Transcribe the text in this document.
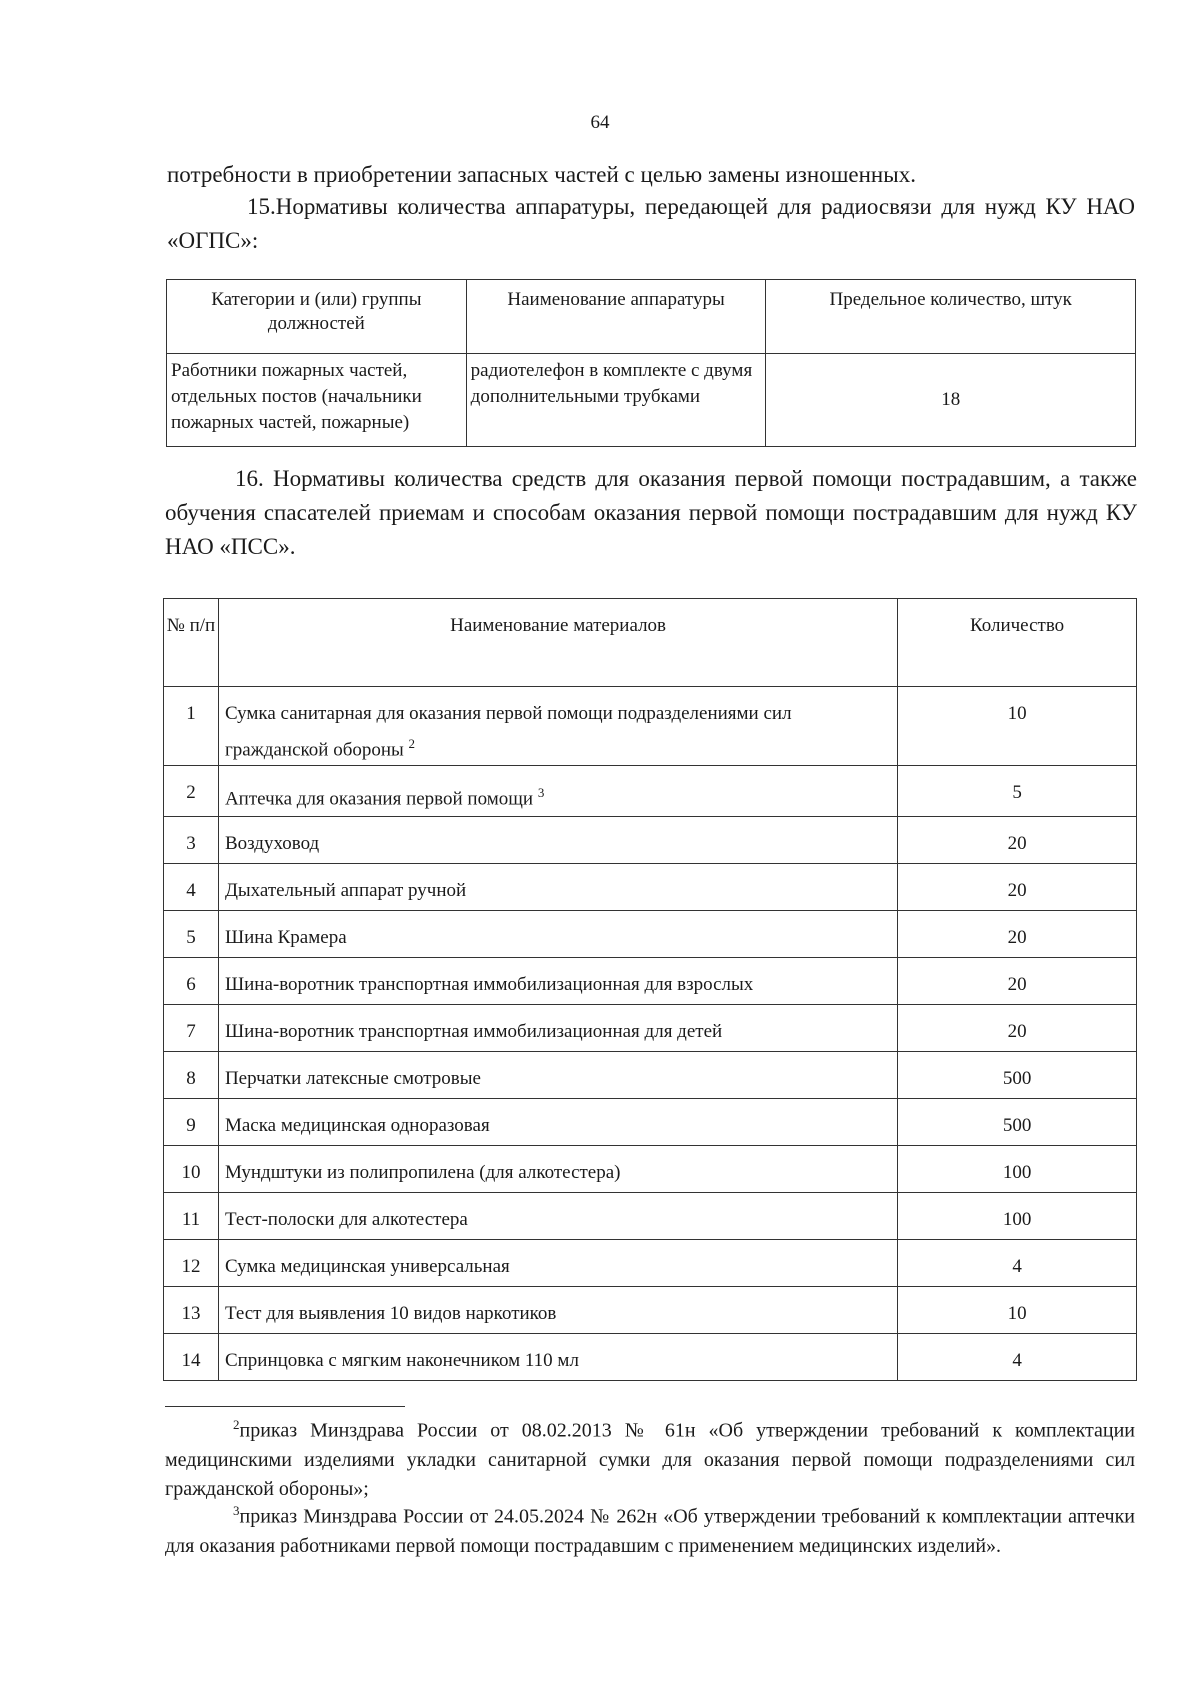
64
потребности в приобретении запасных частей с целью замены изношенных.
15.Нормативы количества аппаратуры, передающей для радиосвязи для нужд КУ НАО «ОГПС»:
Категории и (или) группы должностей	Наименование аппаратуры	Предельное количество, штук
Работники пожарных частей, отдельных постов (начальники пожарных частей, пожарные)	радиотелефон в комплекте с двумя дополнительными трубками	18
16. Нормативы количества средств для оказания первой помощи пострадавшим, а также обучения спасателей приемам и способам оказания первой помощи пострадавшим для нужд КУ НАО «ПСС».
№ п/п	Наименование материалов	Количество
1	Сумка санитарная для оказания первой помощи подразделениями сил гражданской обороны $^2$	10
2	Аптечка для оказания первой помощи $^3$	5
3	Воздуховод	20
4	Дыхательный аппарат ручной	20
5	Шина Крамера	20
6	Шина-воротник транспортная иммобилизационная для взрослых	20
7	Шина-воротник транспортная иммобилизационная для детей	20
8	Перчатки латексные смотровые	500
9	Маска медицинская одноразовая	500
10	Мундштуки из полипропилена (для алкотестера)	100
11	Тест-полоски для алкотестера	100
12	Сумка медицинская универсальная	4
13	Тест для выявления 10 видов наркотиков	10
14	Спринцовка с мягким наконечником 110 мл	4
$^2$приказ Минздрава России от 08.02.2013 № 61н «Об утверждении требований к комплектации медицинскими изделиями укладки санитарной сумки для оказания первой помощи подразделениями сил гражданской обороны»;
$^3$приказ Минздрава России от 24.05.2024 № 262н «Об утверждении требований к комплектации аптечки для оказания работниками первой помощи пострадавшим с применением медицинских изделий».
